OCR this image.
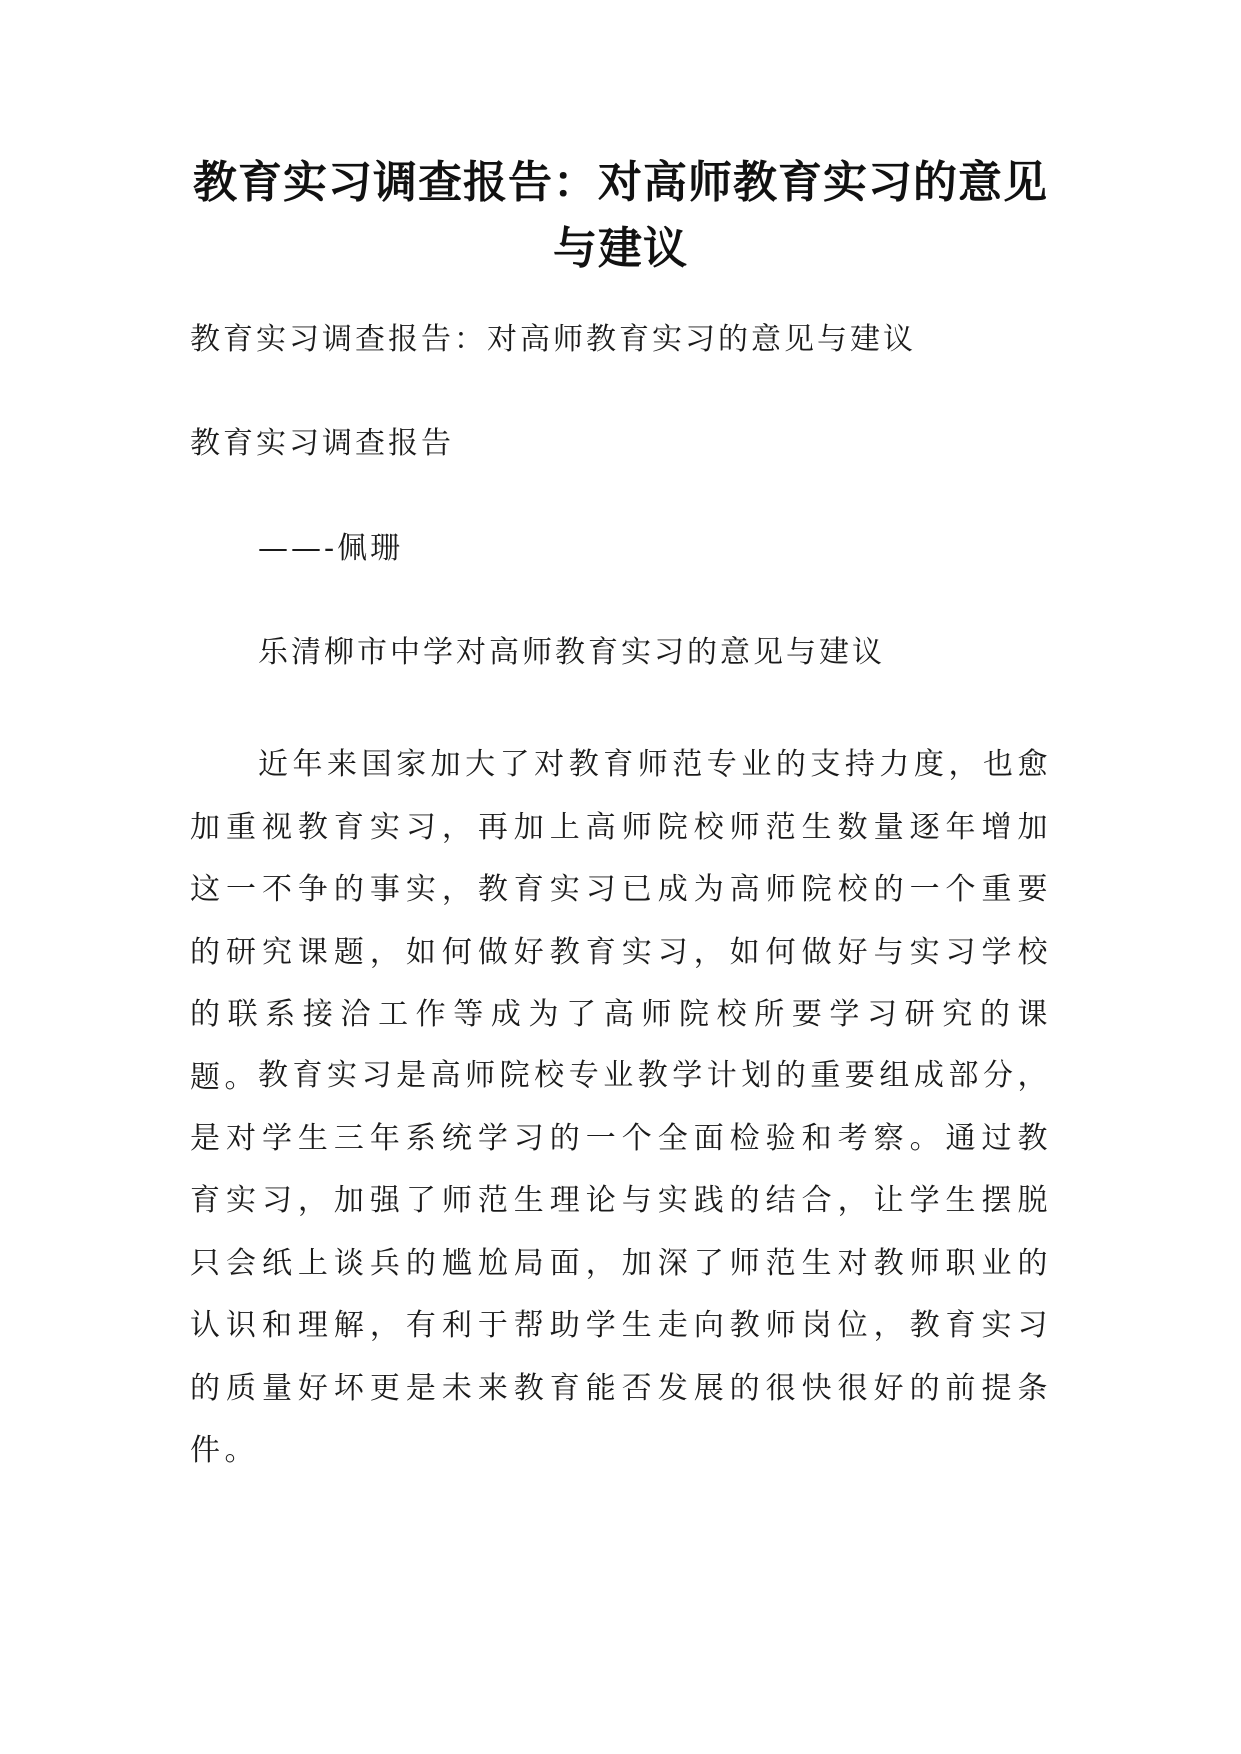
教育实习调查报告：对高师教育实习的意见与建议

教育实习调查报告：对高师教育实习的意见与建议

教育实习调查报告

——-佩珊

乐清柳市中学对高师教育实习的意见与建议

近年来国家加大了对教育师范专业的支持力度，也愈加重视教育实习，再加上高师院校师范生数量逐年增加这一不争的事实，教育实习已成为高师院校的一个重要的研究课题，如何做好教育实习，如何做好与实习学校的联系接洽工作等成为了高师院校所要学习研究的课题。 教育实习是高师院校专业教学计划的重要组成部分，是对学生三年系统学习的一个全面检验和考察。通过教育实习，加强了师范生理论与实践的结合，让学生摆脱只会纸上谈兵的尴尬局面，加深了师范生对教师职业的认识和理解，有利于帮助学生走向教师岗位，教育实习的质量好坏更是未来教育能否发展的很快很好的前提条件。
